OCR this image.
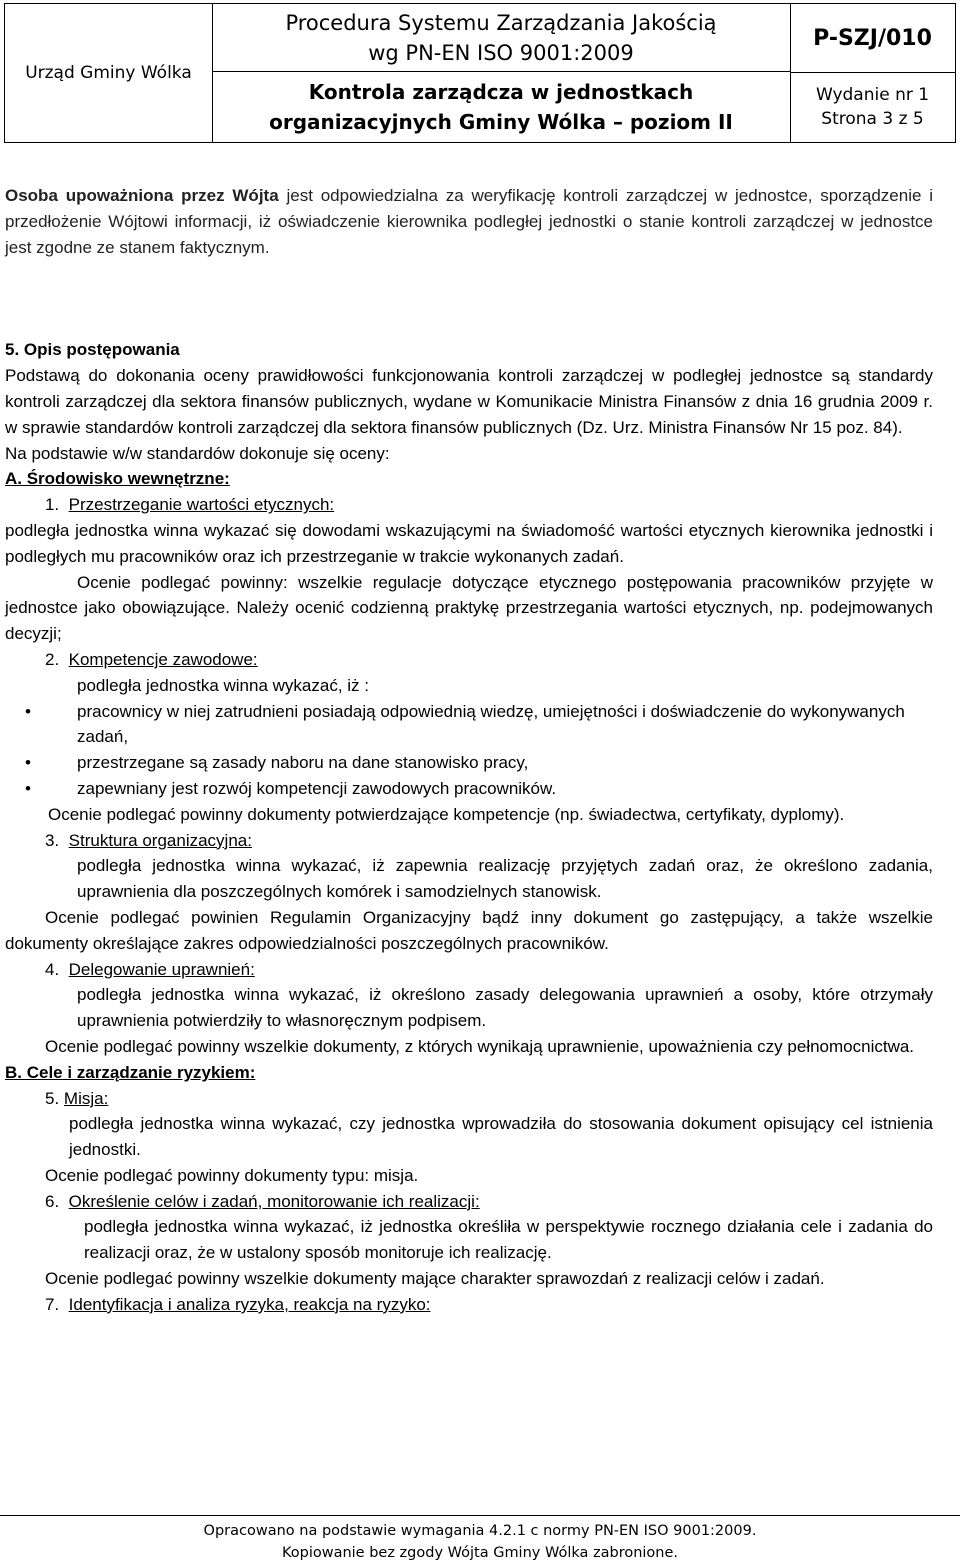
Urząd Gminy Wólka
Procedura Systemu Zarządzania Jakością
wg PN-EN ISO 9001:2009
Kontrola zarządcza w jednostkach
organizacyjnych Gminy Wólka – poziom II
P-SZJ/010
Wydanie nr 1
Strona 3 z 5

Osoba upoważniona przez Wójta jest odpowiedzialna za weryfikację kontroli zarządczej w jednostce, sporządzenie i przedłożenie Wójtowi informacji, iż oświadczenie kierownika podległej jednostki o stanie kontroli zarządczej w jednostce jest zgodne ze stanem faktycznym.

5. Opis postępowania

Podstawą do dokonania oceny prawidłowości funkcjonowania kontroli zarządczej w podległej jednostce są standardy kontroli zarządczej dla sektora finansów publicznych, wydane w Komunikacie Ministra Finansów z dnia 16 grudnia 2009 r. w sprawie standardów kontroli zarządczej dla sektora finansów publicznych (Dz. Urz. Ministra Finansów Nr 15 poz. 84).

Na podstawie w/w standardów dokonuje się oceny:

A. Środowisko wewnętrzne:

1. Przestrzeganie wartości etycznych:

podległa jednostka winna wykazać się dowodami wskazującymi na świadomość wartości etycznych kierownika jednostki i podległych mu pracowników oraz ich przestrzeganie w trakcie wykonanych zadań.

Ocenie podlegać powinny: wszelkie regulacje dotyczące etycznego postępowania pracowników przyjęte w jednostce jako obowiązujące. Należy ocenić codzienną praktykę przestrzegania wartości etycznych, np. podejmowanych decyzji;

2. Kompetencje zawodowe:

podległa jednostka winna wykazać, iż :

•	pracownicy w niej zatrudnieni posiadają odpowiednią wiedzę, umiejętności i doświadczenie do wykonywanych zadań,
•	przestrzegane są zasady naboru na dane stanowisko pracy,
•	zapewniany jest rozwój kompetencji zawodowych pracowników.

Ocenie podlegać powinny dokumenty potwierdzające kompetencje (np. świadectwa, certyfikaty, dyplomy).

3. Struktura organizacyjna:

podległa jednostka winna wykazać, iż zapewnia realizację przyjętych zadań oraz, że określono zadania, uprawnienia dla poszczególnych komórek i samodzielnych stanowisk.

Ocenie podlegać powinien Regulamin Organizacyjny bądź inny dokument go zastępujący, a także wszelkie dokumenty określające zakres odpowiedzialności poszczególnych pracowników.

4. Delegowanie uprawnień:

podległa jednostka winna wykazać, iż określono zasady delegowania uprawnień a osoby, które otrzymały uprawnienia potwierdziły to własnoręcznym podpisem.

Ocenie podlegać powinny wszelkie dokumenty, z których wynikają uprawnienie, upoważnienia czy pełnomocnictwa.

B. Cele i zarządzanie ryzykiem:

5. Misja:

podległa jednostka winna wykazać, czy jednostka wprowadziła do stosowania dokument opisujący cel istnienia jednostki.

Ocenie podlegać powinny dokumenty typu: misja.

6. Określenie celów i zadań, monitorowanie ich realizacji:

podległa jednostka winna wykazać, iż jednostka określiła w perspektywie rocznego działania cele i zadania do realizacji oraz, że w ustalony sposób monitoruje ich realizację.

Ocenie podlegać powinny wszelkie dokumenty mające charakter sprawozdań z realizacji celów i zadań.

7. Identyfikacja i analiza ryzyka, reakcja na ryzyko:

Opracowano na podstawie wymagania 4.2.1 c normy PN-EN ISO 9001:2009.
Kopiowanie bez zgody Wójta Gminy Wólka zabronione.
